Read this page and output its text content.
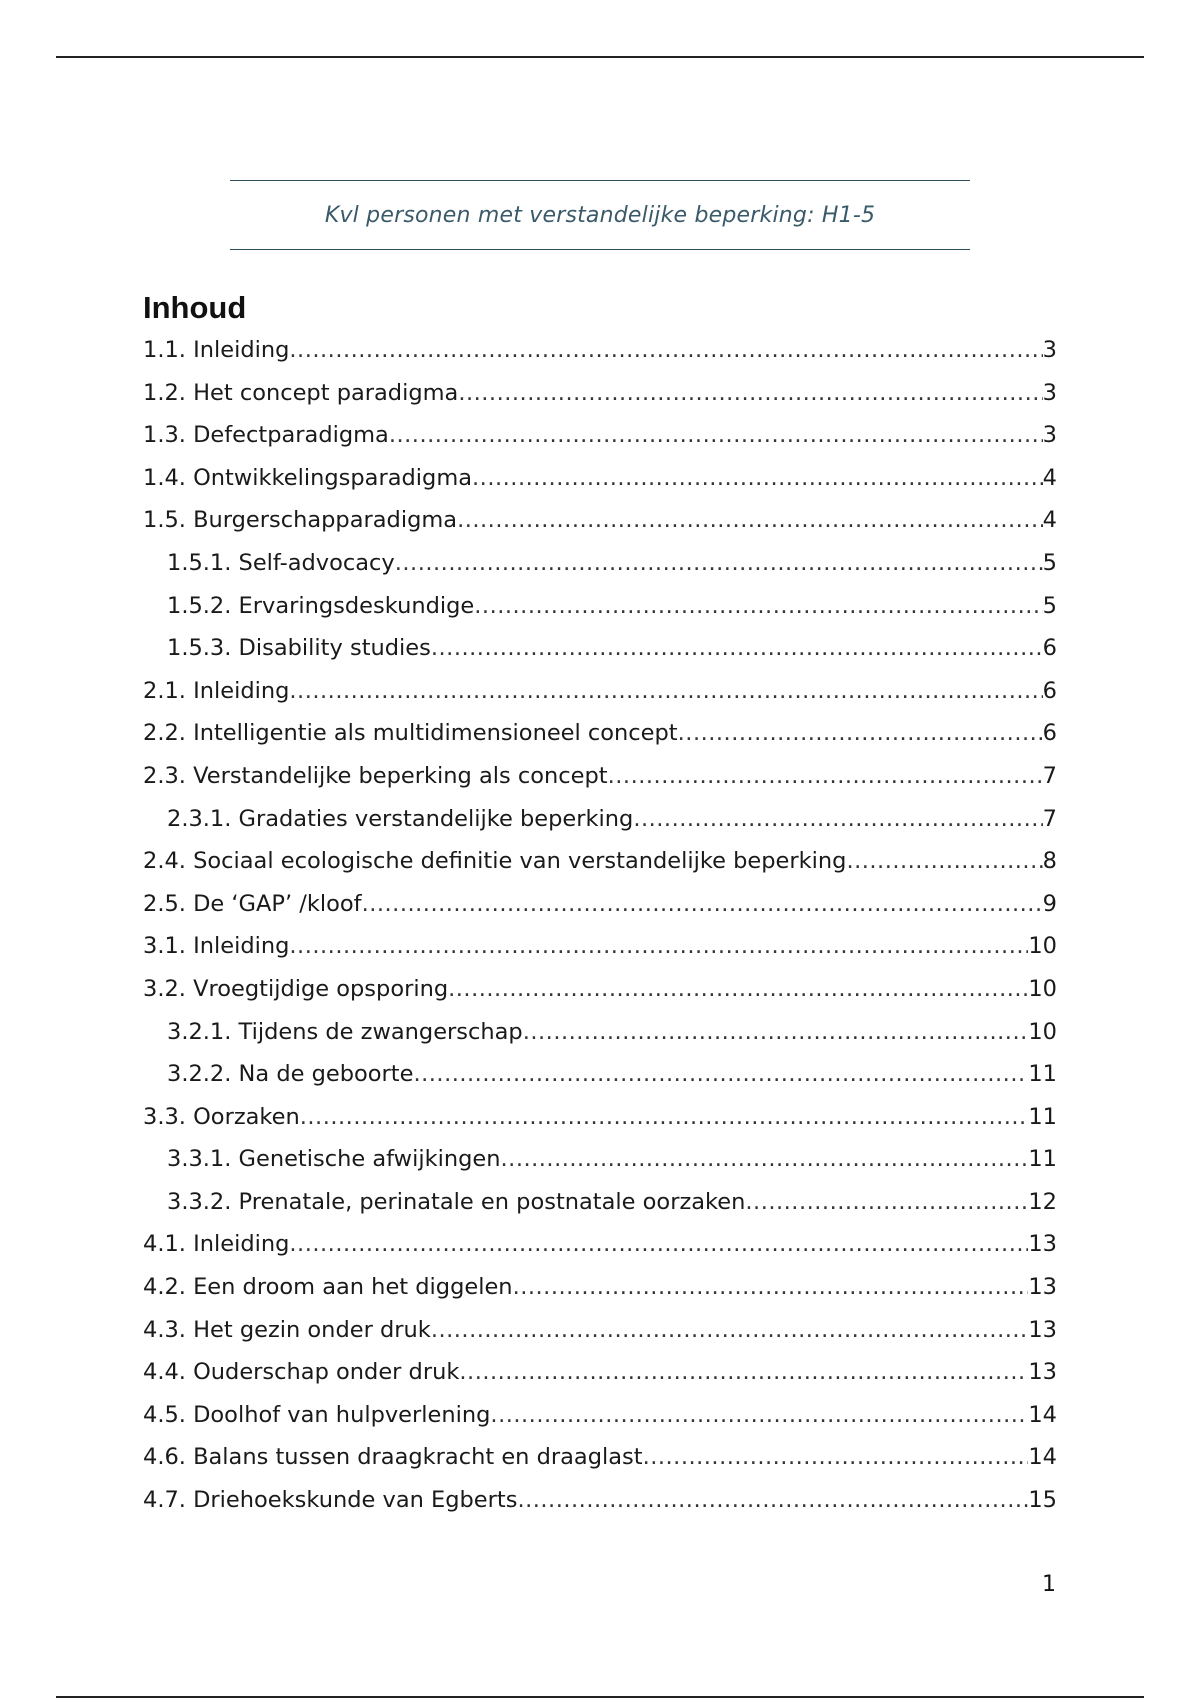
Kvl personen met verstandelijke beperking: H1-5
Inhoud
1.1. Inleiding .....	3
1.2. Het concept paradigma .....	3
1.3. Defectparadigma .....	3
1.4. Ontwikkelingsparadigma .....	4
1.5. Burgerschapparadigma .....	4
1.5.1. Self-advocacy .....	5
1.5.2. Ervaringsdeskundige .....	5
1.5.3. Disability studies .....	6
2.1. Inleiding .....	6
2.2. Intelligentie als multidimensioneel concept .....	6
2.3. Verstandelijke beperking als concept .....	7
2.3.1. Gradaties verstandelijke beperking .....	7
2.4. Sociaal ecologische definitie van verstandelijke beperking .....	8
2.5. De ‘GAP’ /kloof .....	9
3.1. Inleiding .....	10
3.2. Vroegtijdige opsporing .....	10
3.2.1. Tijdens de zwangerschap .....	10
3.2.2. Na de geboorte .....	11
3.3. Oorzaken .....	11
3.3.1. Genetische afwijkingen .....	11
3.3.2. Prenatale, perinatale en postnatale oorzaken .....	12
4.1. Inleiding .....	13
4.2. Een droom aan het diggelen .....	13
4.3. Het gezin onder druk .....	13
4.4. Ouderschap onder druk .....	13
4.5. Doolhof van hulpverlening .....	14
4.6. Balans tussen draagkracht en draaglast .....	14
4.7. Driehoekskunde van Egberts .....	15
1
